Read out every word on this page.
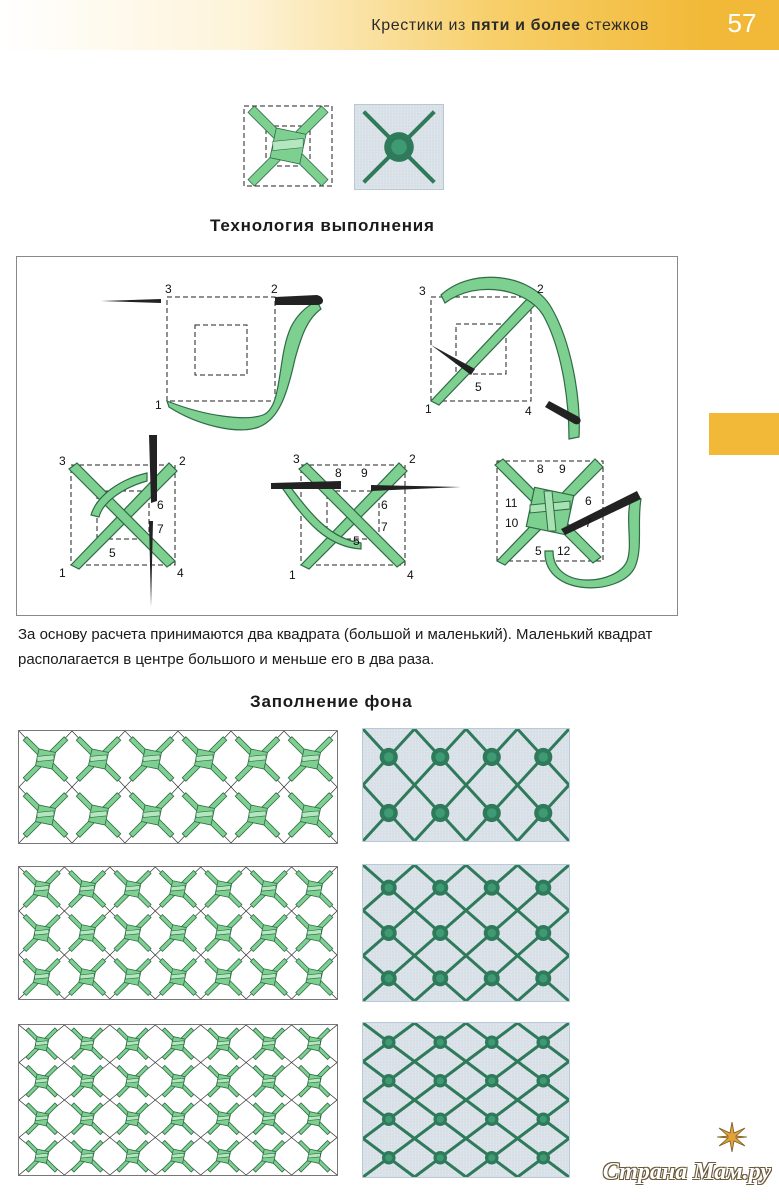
Крестики из пяти и более стежков	57
Технология выполнения
3	2
1
3	2
5
1	4
3	2
6
7
5
1	4
3
8 9
2
6
7
5
1	4
8 9
11	6
10	7
5 12
За основу расчета принимаются два квадрата (большой и маленький). Маленький квадрат располагается в центре большого и меньше его в два раза.
Заполнение фона
Страна Мам.ру
